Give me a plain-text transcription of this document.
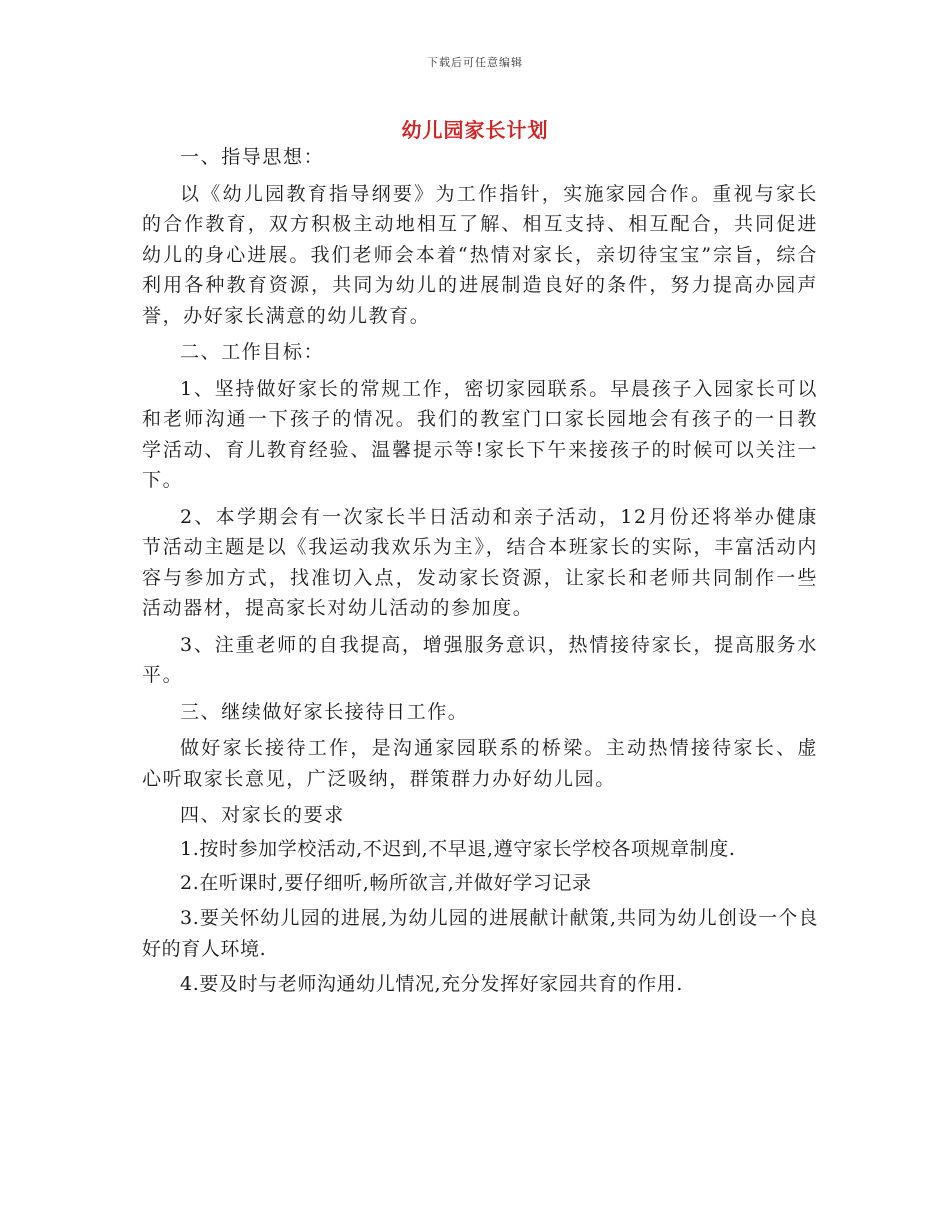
下载后可任意编辑
幼儿园家长计划

一、指导思想：

以《幼儿园教育指导纲要》为工作指针，实施家园合作。重视与家长的合作教育，双方积极主动地相互了解、相互支持、相互配合，共同促进幼儿的身心进展。我们老师会本着“热情对家长，亲切待宝宝”宗旨，综合利用各种教育资源，共同为幼儿的进展制造良好的条件，努力提高办园声誉，办好家长满意的幼儿教育。

二、工作目标：

1、坚持做好家长的常规工作，密切家园联系。早晨孩子入园家长可以和老师沟通一下孩子的情况。我们的教室门口家长园地会有孩子的一日教学活动、育儿教育经验、温馨提示等!家长下午来接孩子的时候可以关注一下。

2、本学期会有一次家长半日活动和亲子活动，12月份还将举办健康节活动主题是以《我运动我欢乐为主》，结合本班家长的实际，丰富活动内容与参加方式，找准切入点，发动家长资源，让家长和老师共同制作一些活动器材，提高家长对幼儿活动的参加度。

3、注重老师的自我提高，增强服务意识，热情接待家长，提高服务水平。

三、继续做好家长接待日工作。

做好家长接待工作，是沟通家园联系的桥梁。主动热情接待家长、虚心听取家长意见，广泛吸纳，群策群力办好幼儿园。

四、对家长的要求

1.按时参加学校活动,不迟到,不早退,遵守家长学校各项规章制度.

2.在听课时,要仔细听,畅所欲言,并做好学习记录

3.要关怀幼儿园的进展,为幼儿园的进展献计献策,共同为幼儿创设一个良好的育人环境.

4.要及时与老师沟通幼儿情况,充分发挥好家园共育的作用.
